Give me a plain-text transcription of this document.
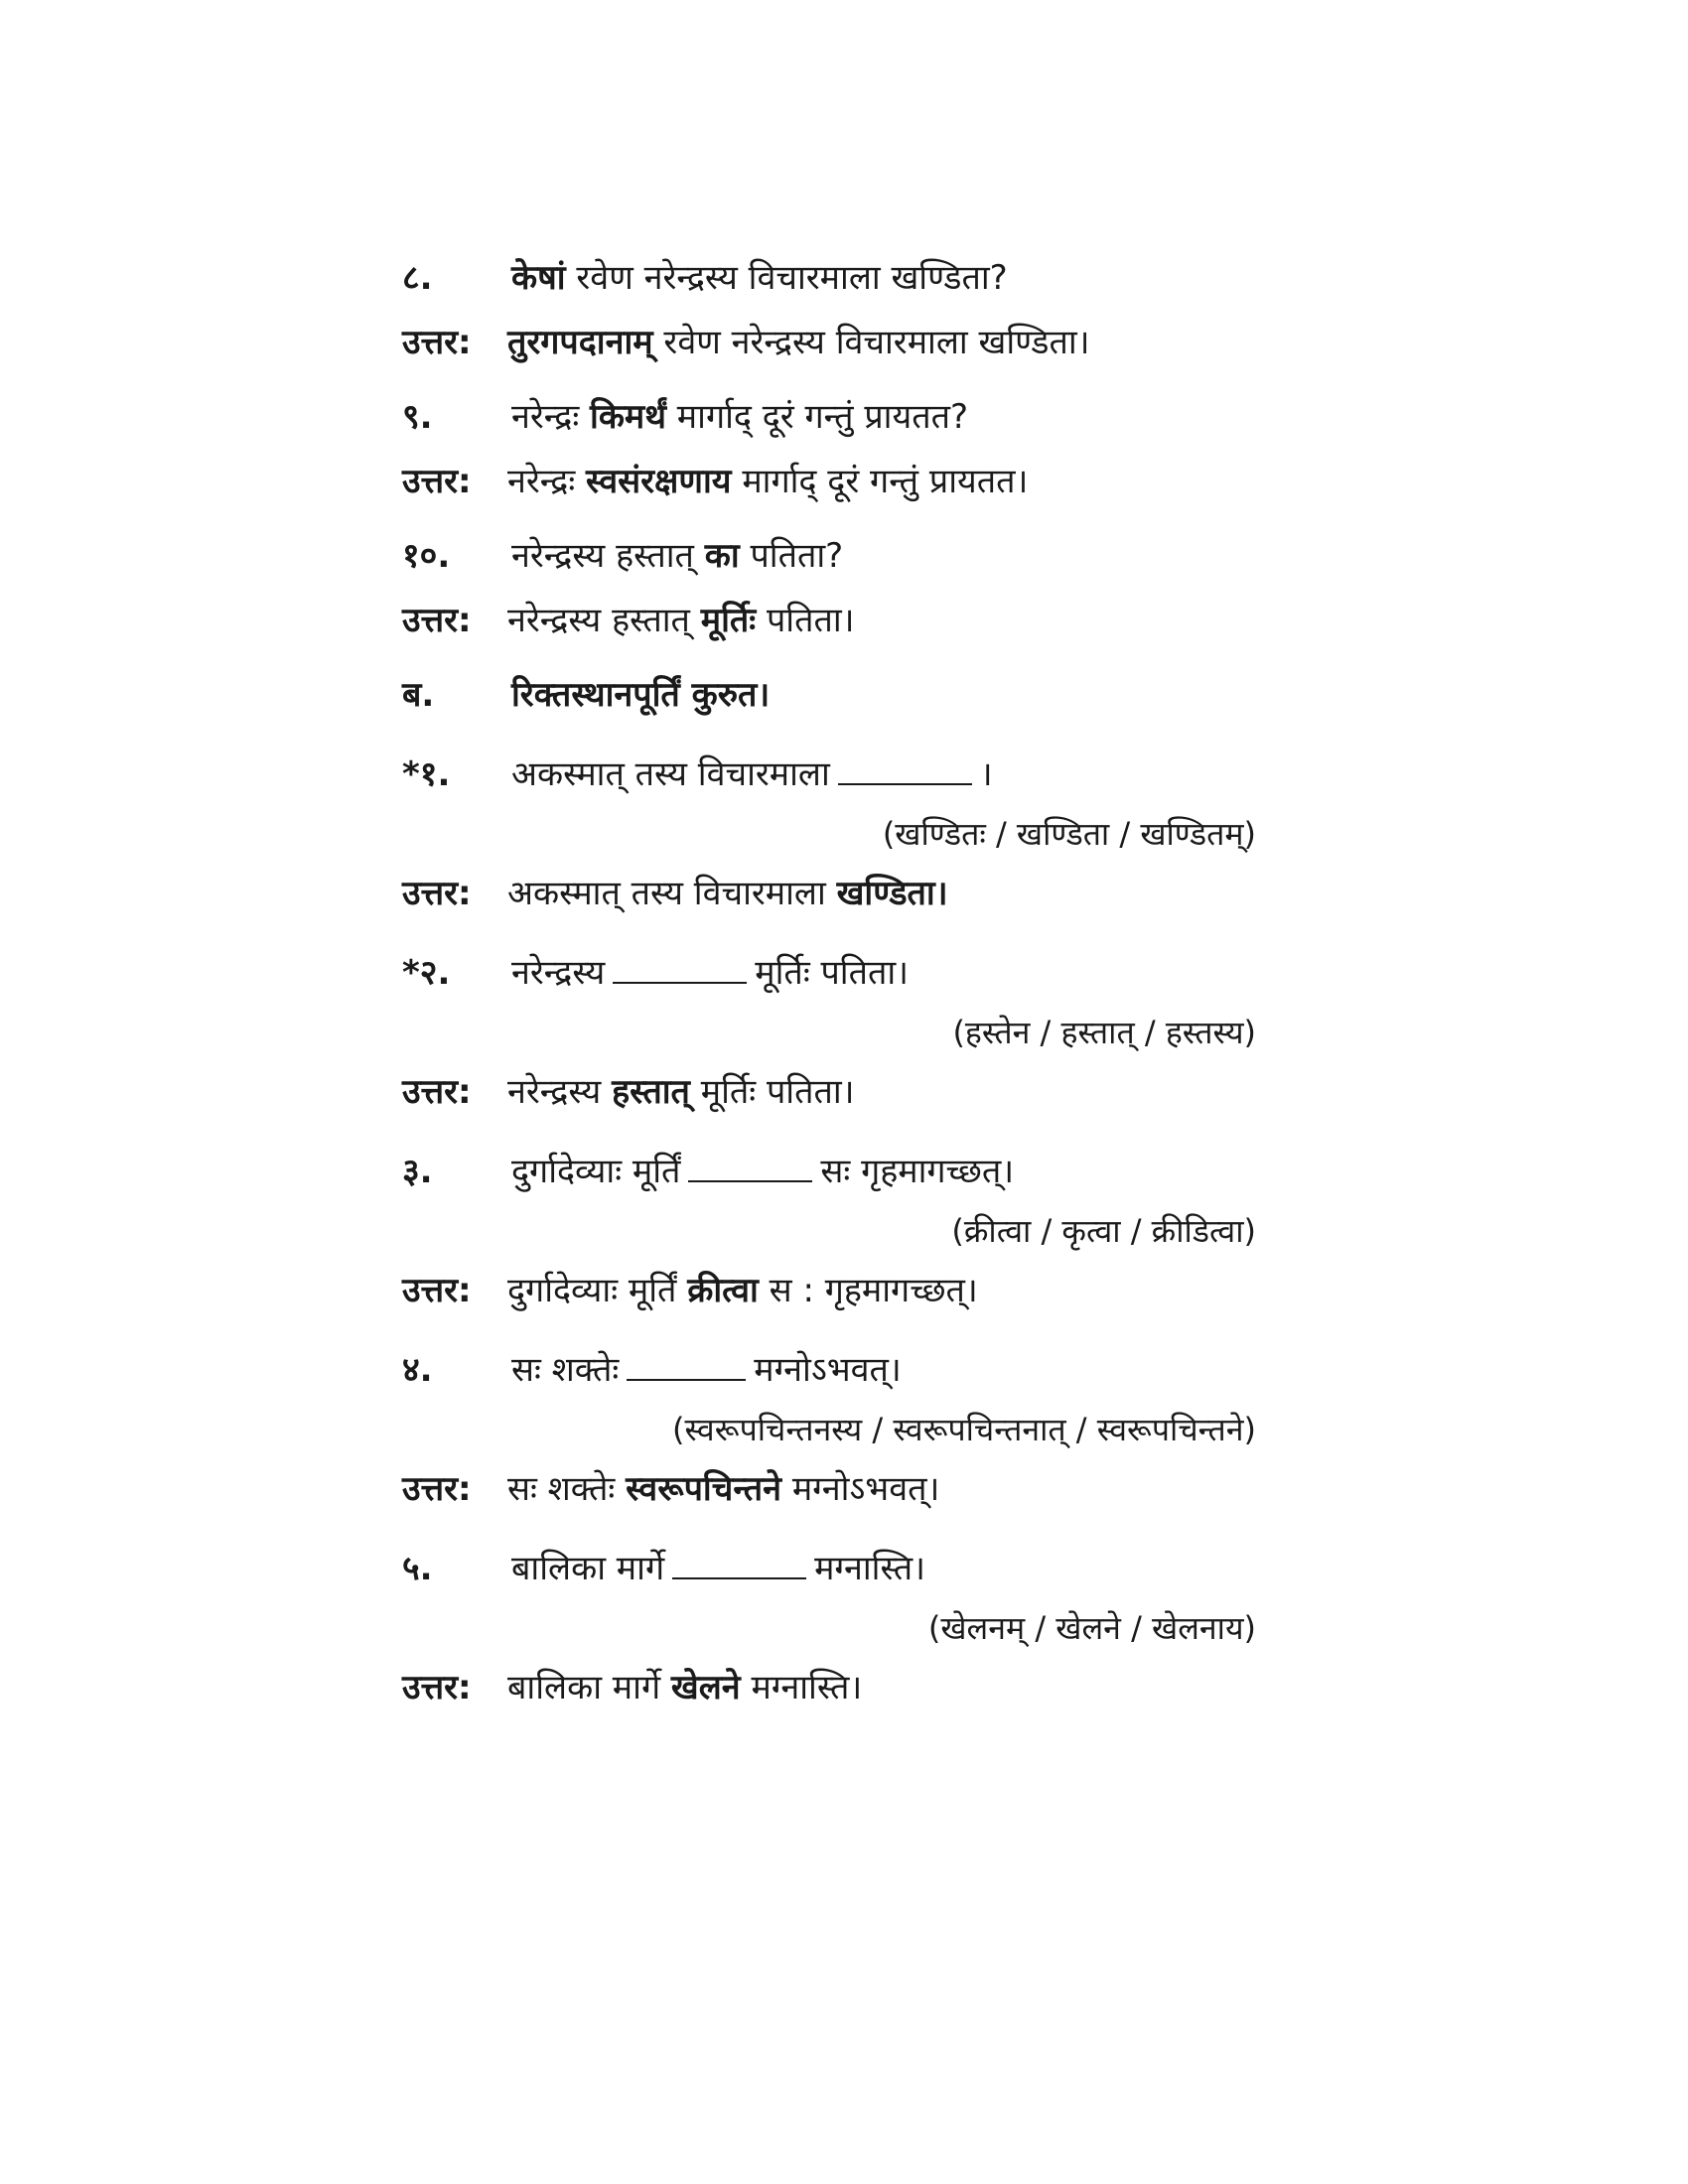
८.	केषां रवेण नरेन्द्रस्य विचारमाला खण्डिता?
उत्तर:	तुरगपदानाम् रवेण नरेन्द्रस्य विचारमाला खण्डिता।
९.	नरेन्द्रः किमर्थं मार्गाद् दूरं गन्तुं प्रायतत?
उत्तर:	नरेन्द्रः स्वसंरक्षणाय मार्गाद् दूरं गन्तुं प्रायतत।
१०.	नरेन्द्रस्य हस्तात् का पतिता?
उत्तर:	नरेन्द्रस्य हस्तात् मूर्तिः पतिता।
ब.	रिक्तस्थानपूर्तिं कुरुत।
*१.	अकस्मात् तस्य विचारमाला	।
(खण्डितः / खण्डिता / खण्डितम्)
उत्तर:	अकस्मात् तस्य विचारमाला खण्डिता।
*२.	नरेन्द्रस्य	मूर्तिः पतिता।
(हस्तेन / हस्तात् / हस्तस्य)
उत्तर:	नरेन्द्रस्य हस्तात् मूर्तिः पतिता।
३.	दुर्गादेव्याः मूर्तिं	सः गृहमागच्छत्।
(क्रीत्वा / कृत्वा / क्रीडित्वा)
उत्तर:	दुर्गादेव्याः मूर्तिं क्रीत्वा स : गृहमागच्छत्।
४.	सः शक्तेः	मग्नोऽभवत्।
(स्वरूपचिन्तनस्य / स्वरूपचिन्तनात् / स्वरूपचिन्तने)
उत्तर:	सः शक्तेः स्वरूपचिन्तने मग्नोऽभवत्।
५.	बालिका मार्गे	मग्नास्ति।
(खेलनम् / खेलने / खेलनाय)
उत्तर:	बालिका मार्गे खेलने मग्नास्ति।
